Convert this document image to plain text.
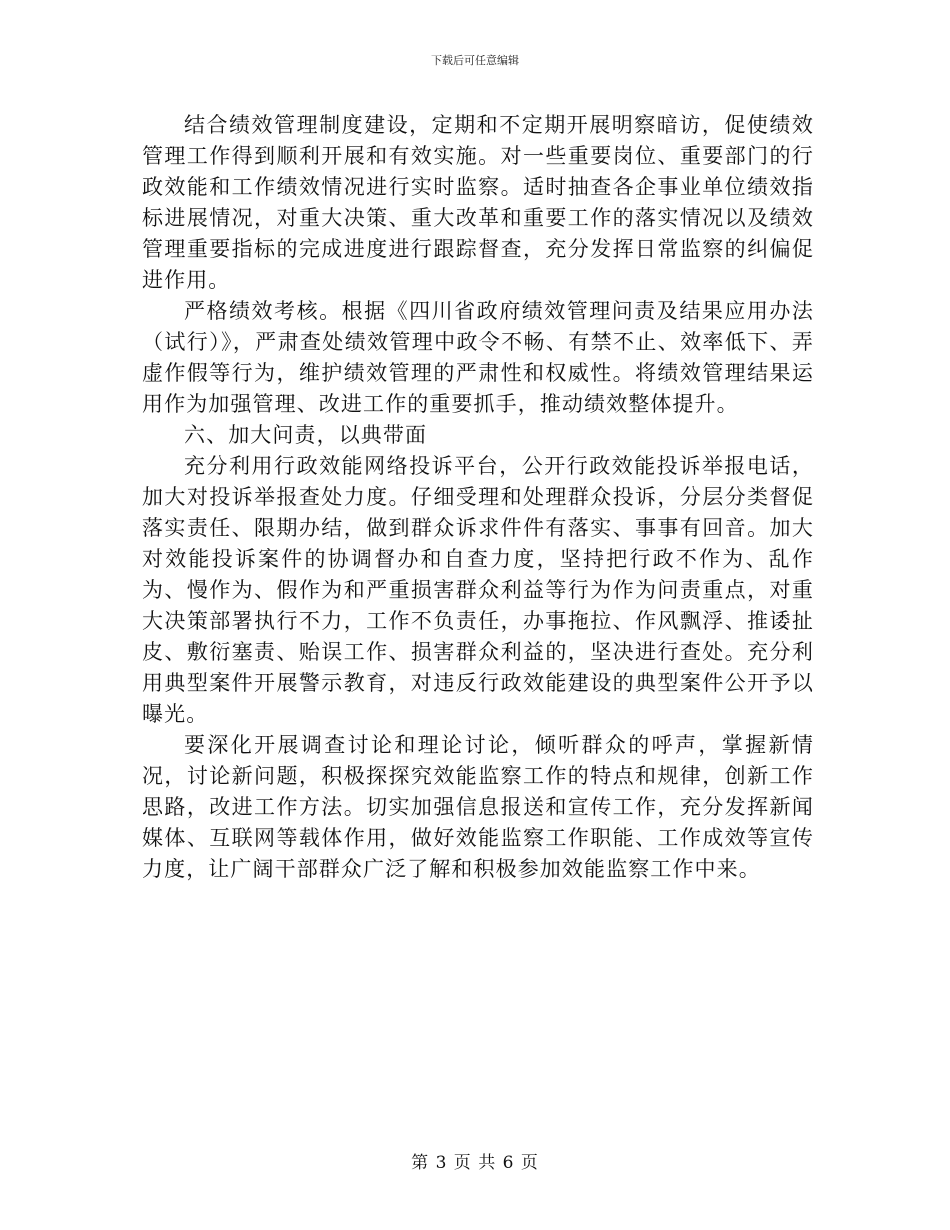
下载后可任意编辑

结合绩效管理制度建设，定期和不定期开展明察暗访，促使绩效管理工作得到顺利开展和有效实施。对一些重要岗位、重要部门的行政效能和工作绩效情况进行实时监察。适时抽查各企事业单位绩效指标进展情况，对重大决策、重大改革和重要工作的落实情况以及绩效管理重要指标的完成进度进行跟踪督查，充分发挥日常监察的纠偏促进作用。

严格绩效考核。根据《四川省政府绩效管理问责及结果应用办法（试行）》，严肃查处绩效管理中政令不畅、有禁不止、效率低下、弄虚作假等行为，维护绩效管理的严肃性和权威性。将绩效管理结果运用作为加强管理、改进工作的重要抓手，推动绩效整体提升。

六、加大问责，以典带面

充分利用行政效能网络投诉平台，公开行政效能投诉举报电话，加大对投诉举报查处力度。仔细受理和处理群众投诉，分层分类督促落实责任、限期办结，做到群众诉求件件有落实、事事有回音。加大对效能投诉案件的协调督办和自查力度，坚持把行政不作为、乱作为、慢作为、假作为和严重损害群众利益等行为作为问责重点，对重大决策部署执行不力，工作不负责任，办事拖拉、作风飘浮、推诿扯皮、敷衍塞责、贻误工作、损害群众利益的，坚决进行查处。充分利用典型案件开展警示教育，对违反行政效能建设的典型案件公开予以曝光。

要深化开展调查讨论和理论讨论，倾听群众的呼声，掌握新情况，讨论新问题，积极探探究效能监察工作的特点和规律，创新工作思路，改进工作方法。切实加强信息报送和宣传工作，充分发挥新闻媒体、互联网等载体作用，做好效能监察工作职能、工作成效等宣传力度，让广阔干部群众广泛了解和积极参加效能监察工作中来。

第 3 页 共 6 页
